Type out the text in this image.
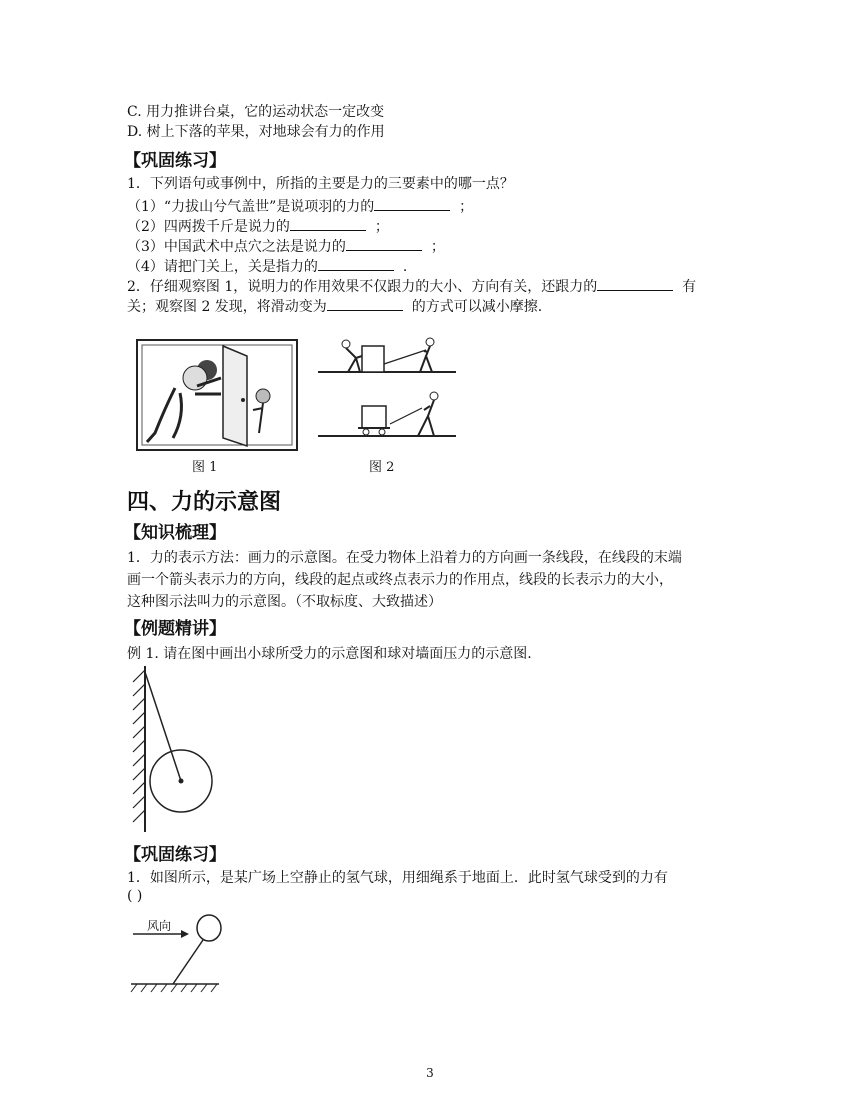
C. 用力推讲台桌，它的运动状态一定改变
D. 树上下落的苹果，对地球会有力的作用
【巩固练习】
1．下列语句或事例中，所指的主要是力的三要素中的哪一点？
（1）“力拔山兮气盖世”是说项羽的力的	；
（2）四两拨千斤是说力的	；
（3）中国武术中点穴之法是说力的	；
（4）请把门关上，关是指力的	.
2．仔细观察图 1，说明力的作用效果不仅跟力的大小、方向有关，还跟力的	有
关；观察图 2 发现，将滑动变为	的方式可以减小摩擦.
图 1	图 2
四、力的示意图
【知识梳理】
1．力的表示方法：画力的示意图。在受力物体上沿着力的方向画一条线段，在线段的末端
画一个箭头表示力的方向，线段的起点或终点表示力的作用点，线段的长表示力的大小，
这种图示法叫力的示意图。（不取标度、大致描述）
【例题精讲】
例 1. 请在图中画出小球所受力的示意图和球对墙面压力的示意图.
【巩固练习】
1．如图所示，是某广场上空静止的氢气球，用细绳系于地面上．此时氢气球受到的力有
( )
风向
3
